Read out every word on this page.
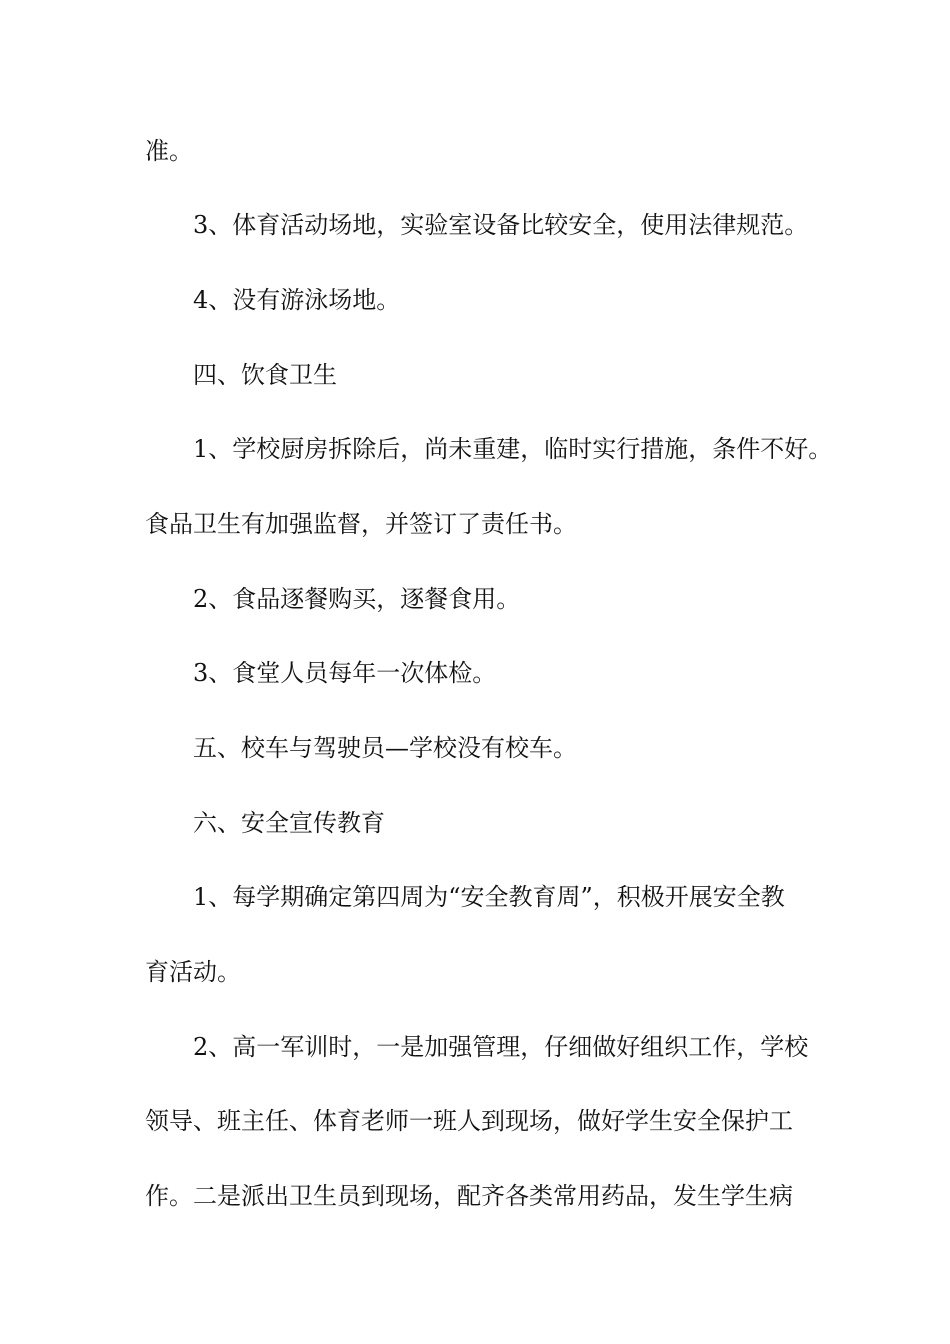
准。
3、体育活动场地，实验室设备比较安全，使用法律规范。
4、没有游泳场地。
四、饮食卫生
1、学校厨房拆除后，尚未重建，临时实行措施，条件不好。
食品卫生有加强监督，并签订了责任书。
2、食品逐餐购买，逐餐食用。
3、食堂人员每年一次体检。
五、校车与驾驶员—学校没有校车。
六、安全宣传教育
1、每学期确定第四周为“安全教育周”，积极开展安全教
育活动。
2、高一军训时，一是加强管理，仔细做好组织工作，学校
领导、班主任、体育老师一班人到现场，做好学生安全保护工
作。二是派出卫生员到现场，配齐各类常用药品，发生学生病
